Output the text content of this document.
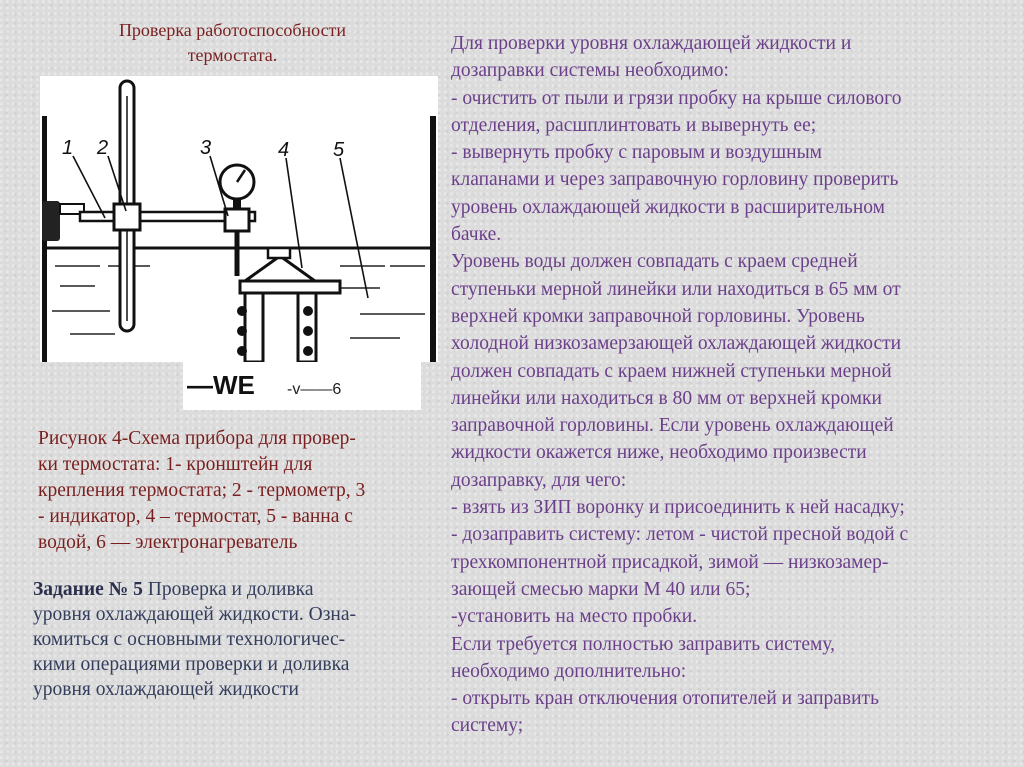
Проверка работоспособности
термостата.
1 2	3	4 5
—WE -v——6
Рисунок 4-Схема прибора для провер-
ки термостата: 1- кронштейн для
крепления термостата; 2 - термометр, 3
- индикатор, 4 – термостат, 5 - ванна с
водой, 6 — электронагреватель
Задание № 5 Проверка и доливка
уровня охлаждающей жидкости. Озна-
комиться с основными технологичес-
кими операциями проверки и доливка
уровня охлаждающей жидкости
Для проверки уровня охлаждающей жидкости и
дозаправки системы необходимо:
- очистить от пыли и грязи пробку на крыше силового
отделения, расшплинтовать и вывернуть ее;
- вывернуть пробку с паровым и воздушным
клапанами и через заправочную горловину проверить
уровень охлаждающей жидкости в расширительном
бачке.
Уровень воды должен совпадать с краем средней
ступеньки мерной линейки или находиться в 65 мм от
верхней кромки заправочной горловины. Уровень
холодной низкозамерзающей охлаждающей жидкости
должен совпадать с краем нижней ступеньки мерной
линейки или находиться в 80 мм от верхней кромки
заправочной горловины. Если уровень охлаждающей
жидкости окажется ниже, необходимо произвести
дозаправку, для чего:
- взять из ЗИП воронку и присоединить к ней насадку;
- дозаправить систему: летом - чистой пресной водой с
трехкомпонентной присадкой, зимой — низкозамер-
зающей смесью марки М 40 или 65;
-установить на место пробки.
Если требуется полностью заправить систему,
необходимо дополнительно:
- открыть кран отключения отопителей и заправить
систему;
